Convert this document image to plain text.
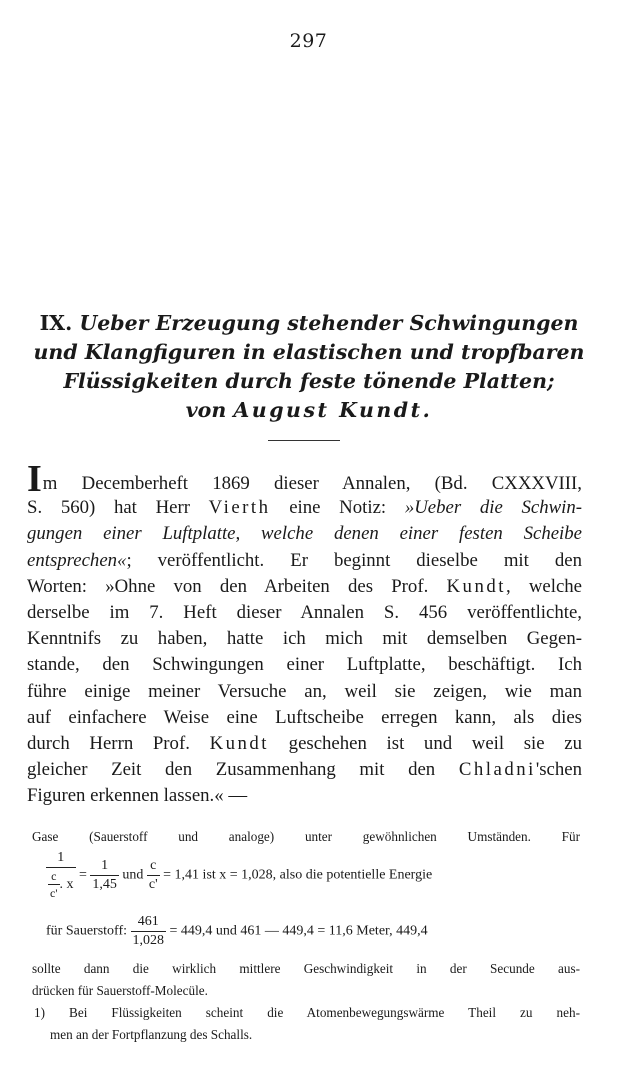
297
IX. Ueber Erzeugung stehender Schwingungen
und Klangfiguren in elastischen und tropfbaren
Flüssigkeiten durch feste tönende Platten;
von August Kundt.
Im Decemberheft 1869 dieser Annalen, (Bd. CXXXVIII,
S. 560) hat Herr Vierth eine Notiz: »Ueber die Schwin-
gungen einer Luftplatte, welche denen einer festen Scheibe
entsprechen«; veröffentlicht. Er beginnt dieselbe mit den
Worten: »Ohne von den Arbeiten des Prof. Kundt, welche
derselbe im 7. Heft dieser Annalen S. 456 veröffentlichte,
Kenntnifs zu haben, hatte ich mich mit demselben Gegen-
stande, den Schwingungen einer Luftplatte, beschäftigt. Ich
führe einige meiner Versuche an, weil sie zeigen, wie man
auf einfachere Weise eine Luftscheibe erregen kann, als dies
durch Herrn Prof. Kundt geschehen ist und weil sie zu
gleicher Zeit den Zusammenhang mit den Chladni'schen
Figuren erkennen lassen.« —
Gase (Sauerstoff und analoge) unter gewöhnlichen Umständen. Für
$\frac{1}{\frac{c}{c'} . x} = \frac{1}{1,45}$ und $\frac{c}{c'} = 1,41$ ist x = 1,028, also die potentielle Energie
für Sauerstoff: $\frac{461}{1,028} = 449,4$ und 461 — 449,4 = 11,6 Meter, 449,4
sollte dann die wirklich mittlere Geschwindigkeit in der Secunde aus-
drücken für Sauerstoff-Molecüle.
1) Bei Flüssigkeiten scheint die Atomenbewegungswärme Theil zu neh-
men an der Fortpflanzung des Schalls.
